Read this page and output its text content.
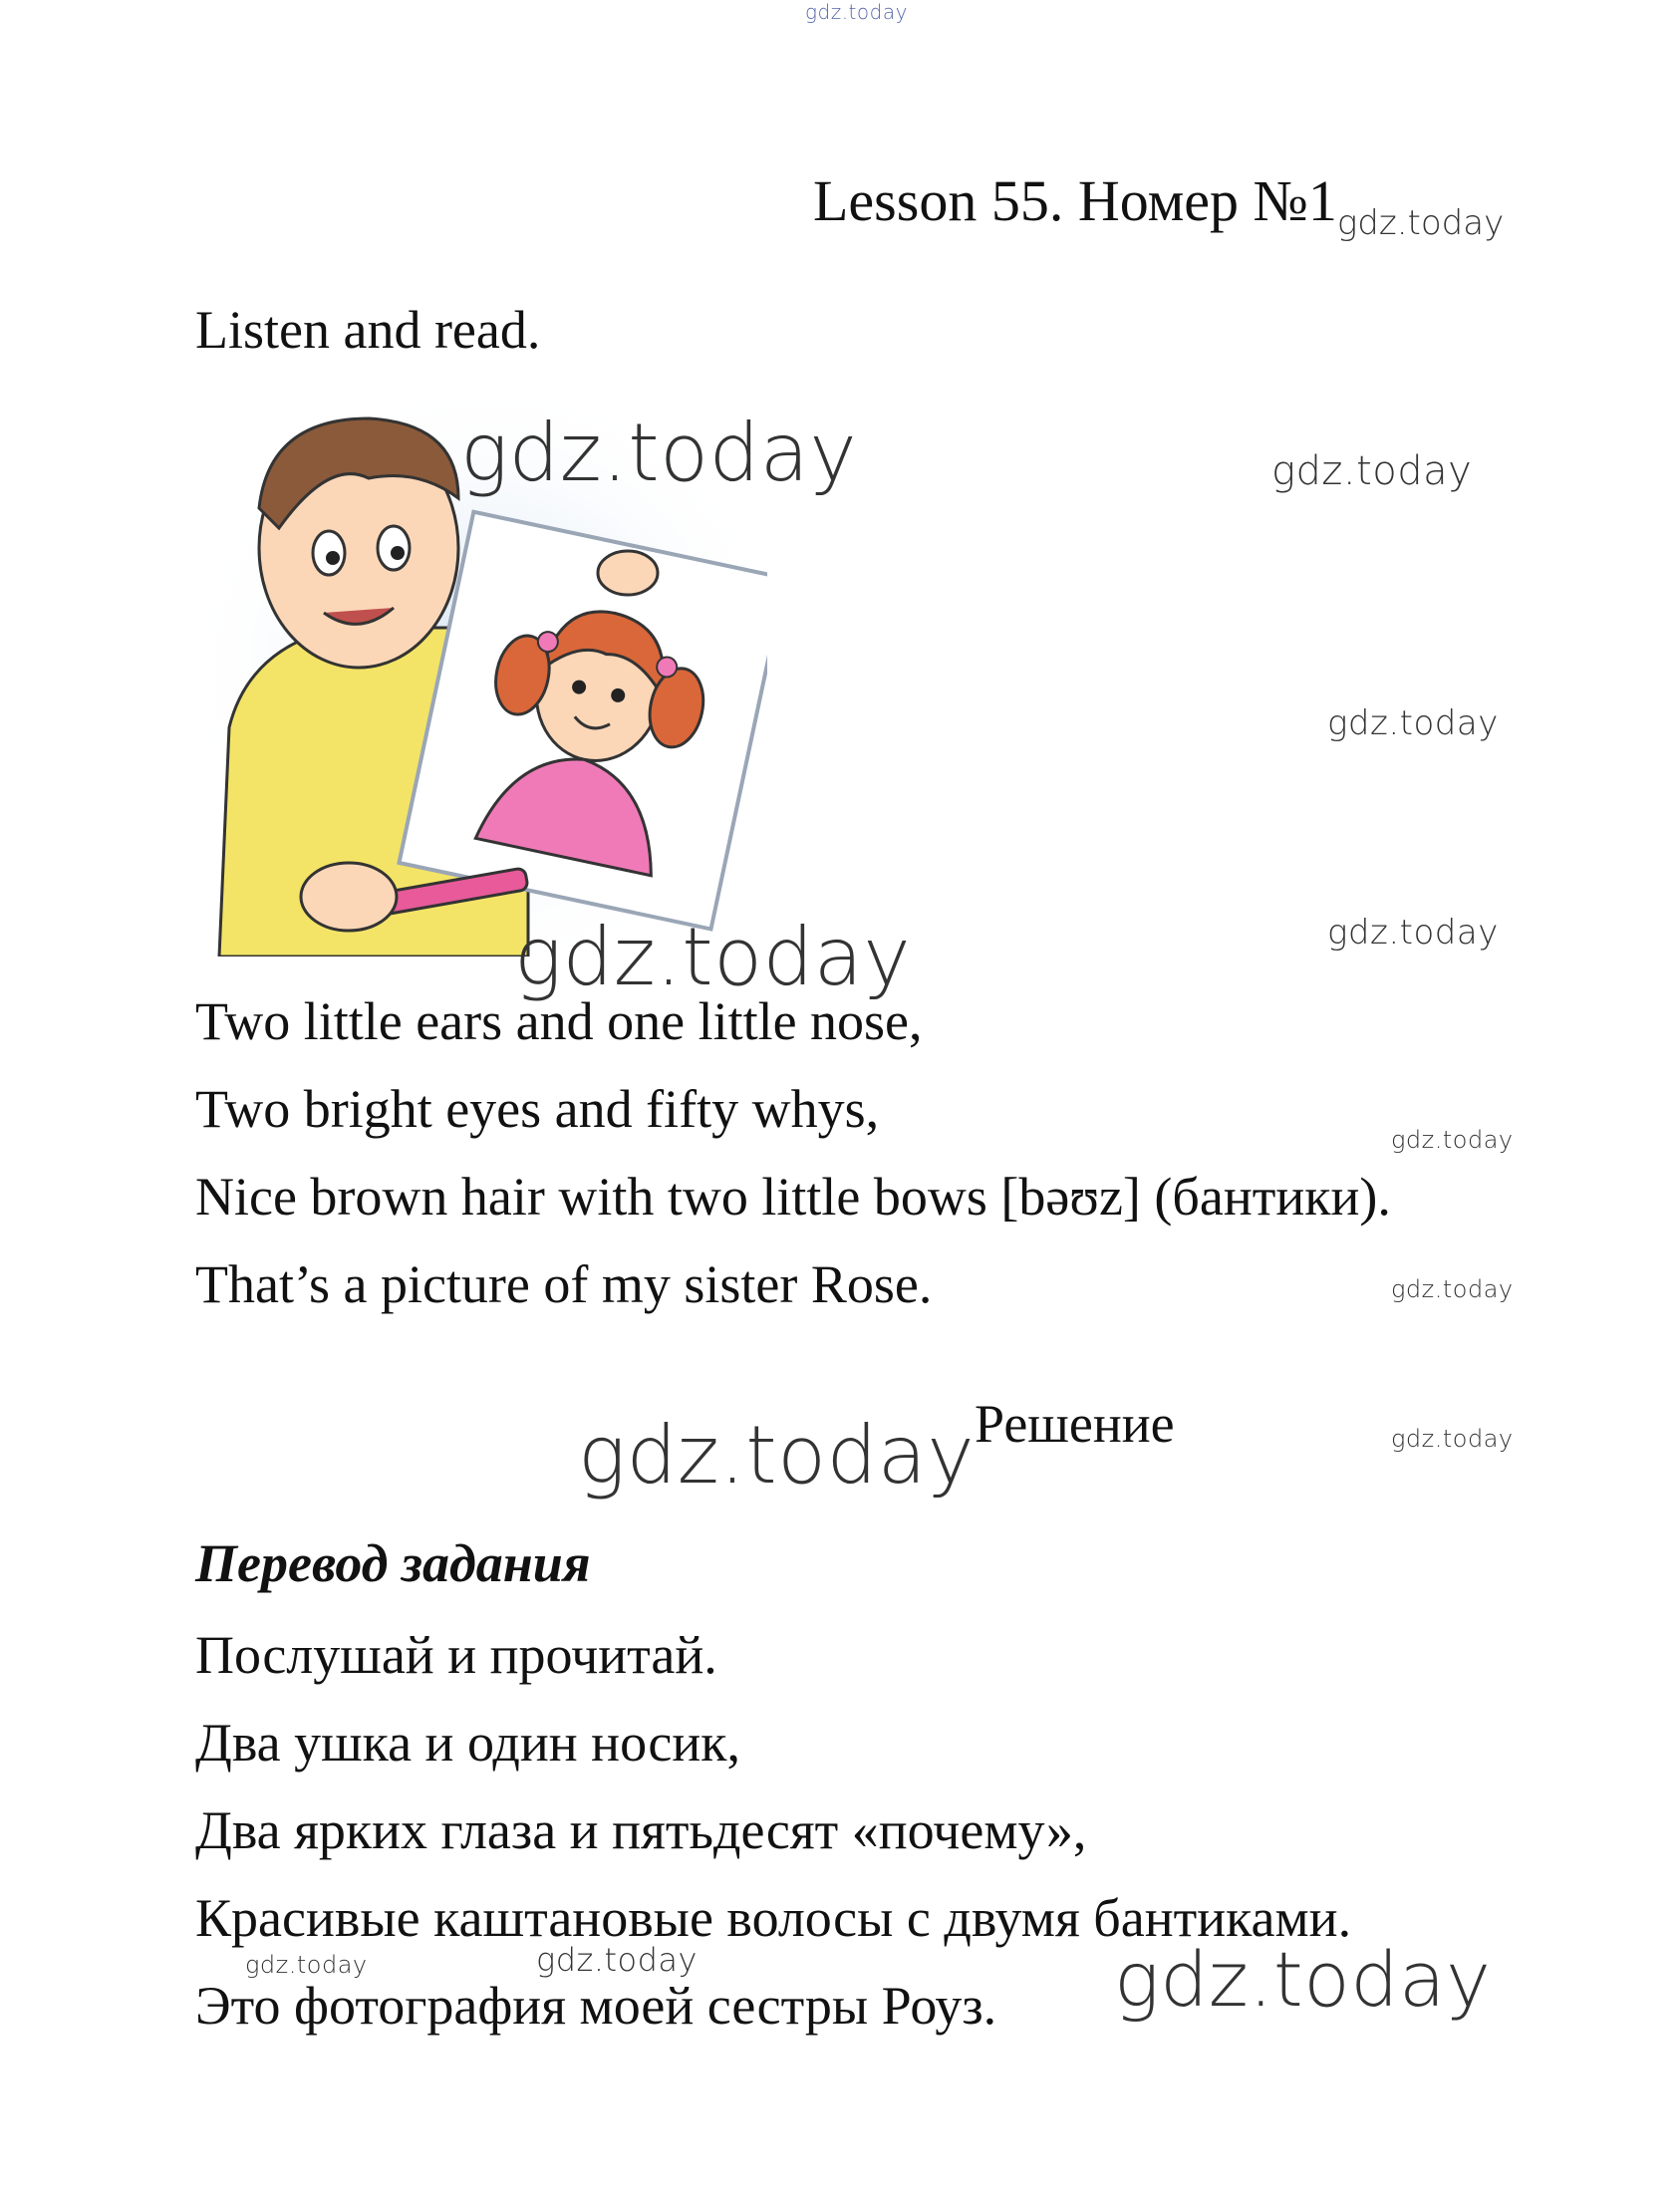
gdz.today
Lesson 55. Номер $№1_{gdz.today}$
Listen and read.
gdz.today	gdz.today
gdz.today
gdz.today
gdz.today
gdz.today
gdz.today
gdz.today	gdz.today
gdz.today	gdz.today	gdz.today
Two little ears and one little nose,
Two bright eyes and fifty whys,
Nice brown hair with two little bows [bəʊz] (бантики).
That’s a picture of my sister Rose.
Решение
Перевод задания
Послушай и прочитай.
Два ушка и один носик,
Два ярких глаза и пятьдесят «почему»,
Красивые каштановые волосы с двумя бантиками.
Это фотография моей сестры Роуз.
